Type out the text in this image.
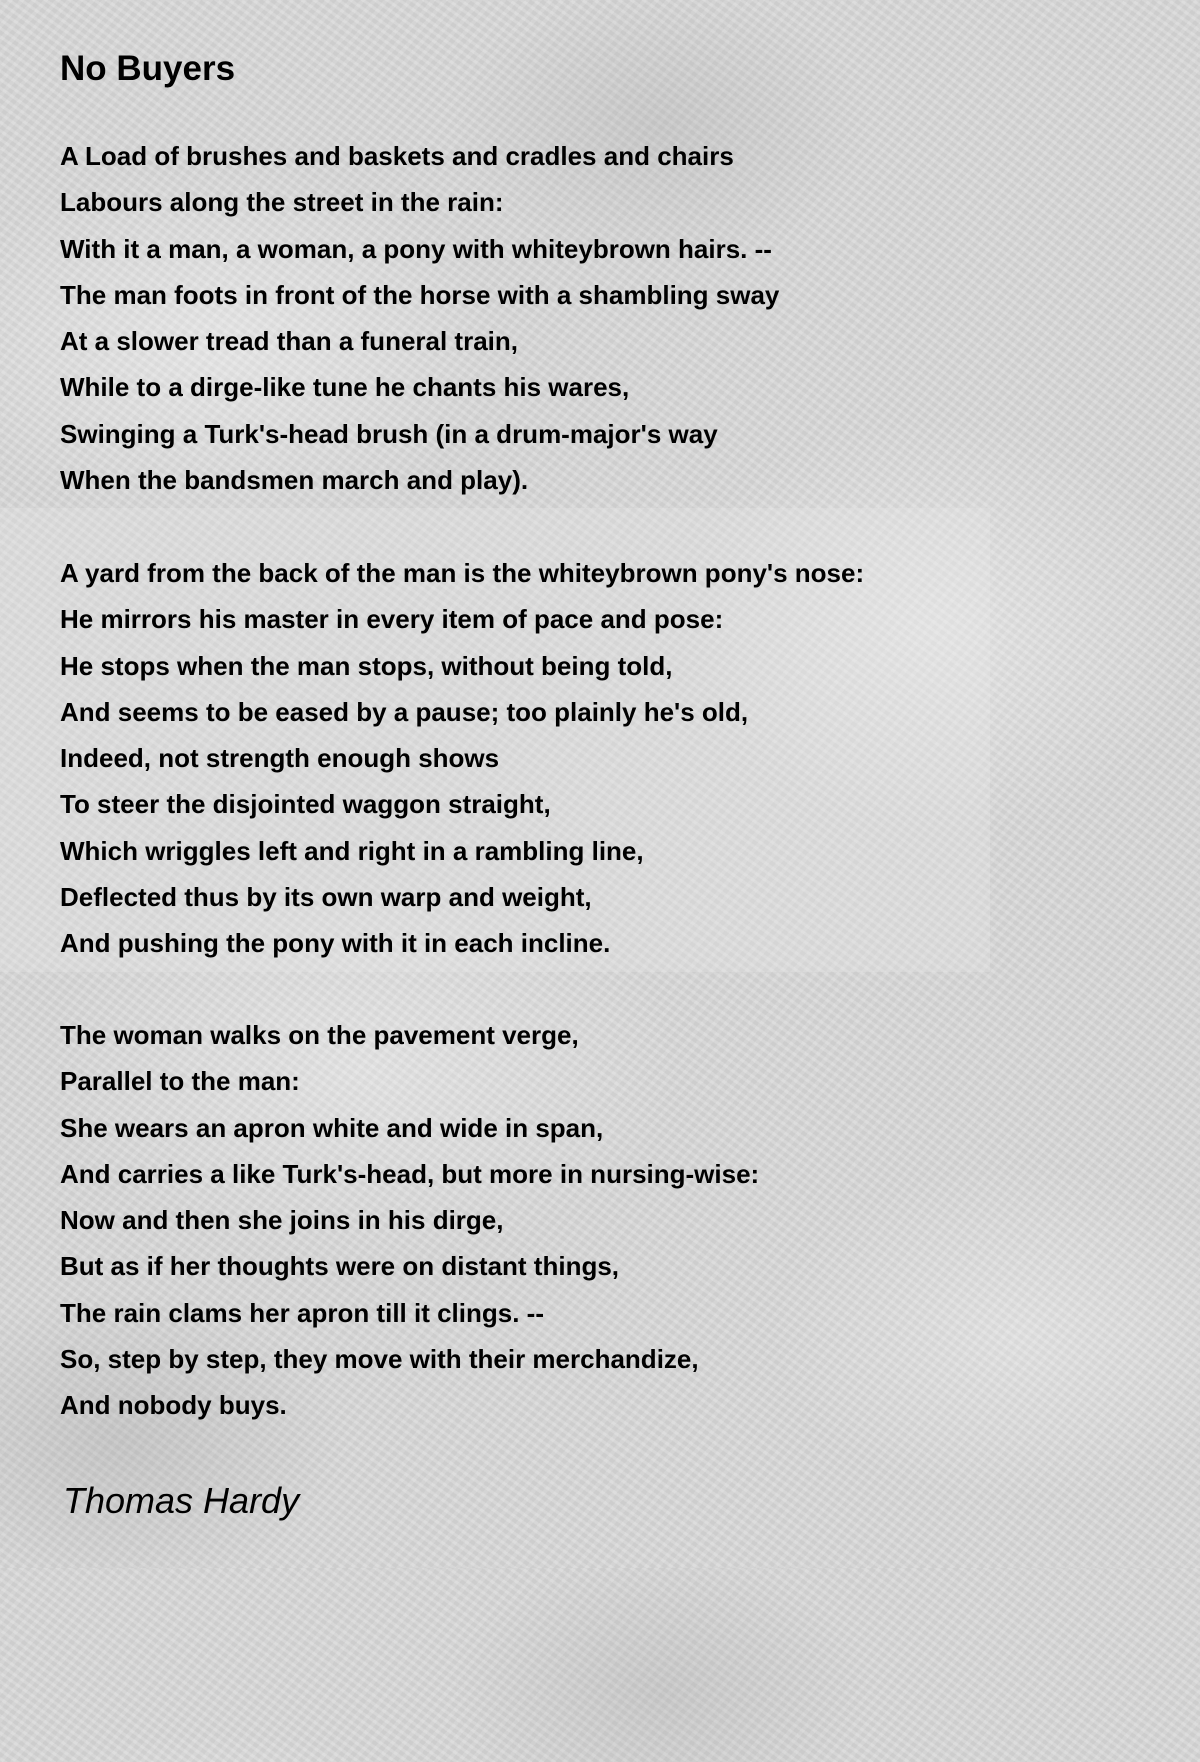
No Buyers
A Load of brushes and baskets and cradles and chairs
Labours along the street in the rain:
With it a man, a woman, a pony with whiteybrown hairs. --
The man foots in front of the horse with a shambling sway
At a slower tread than a funeral train,
While to a dirge-like tune he chants his wares,
Swinging a Turk's-head brush (in a drum-major's way
When the bandsmen march and play).
A yard from the back of the man is the whiteybrown pony's nose:
He mirrors his master in every item of pace and pose:
He stops when the man stops, without being told,
And seems to be eased by a pause; too plainly he's old,
Indeed, not strength enough shows
To steer the disjointed waggon straight,
Which wriggles left and right in a rambling line,
Deflected thus by its own warp and weight,
And pushing the pony with it in each incline.
The woman walks on the pavement verge,
Parallel to the man:
She wears an apron white and wide in span,
And carries a like Turk's-head, but more in nursing-wise:
Now and then she joins in his dirge,
But as if her thoughts were on distant things,
The rain clams her apron till it clings. --
So, step by step, they move with their merchandize,
And nobody buys.
Thomas Hardy
